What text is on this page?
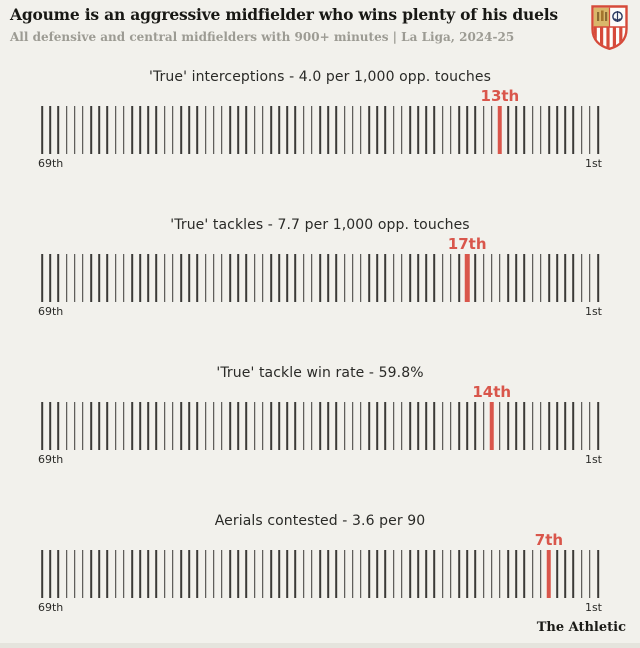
Agoume is an aggressive midfielder who wins plenty of his duels
All defensive and central midfielders with 900+ minutes | La Liga, 2024-25
'True' interceptions - 4.0 per 1,000 opp. touches
13th
69th	1st
'True' tackles - 7.7 per 1,000 opp. touches
17th
69th	1st
'True' tackle win rate - 59.8%
14th
69th	1st
Aerials contested - 3.6 per 90
7th
69th	1st
The Athletic
